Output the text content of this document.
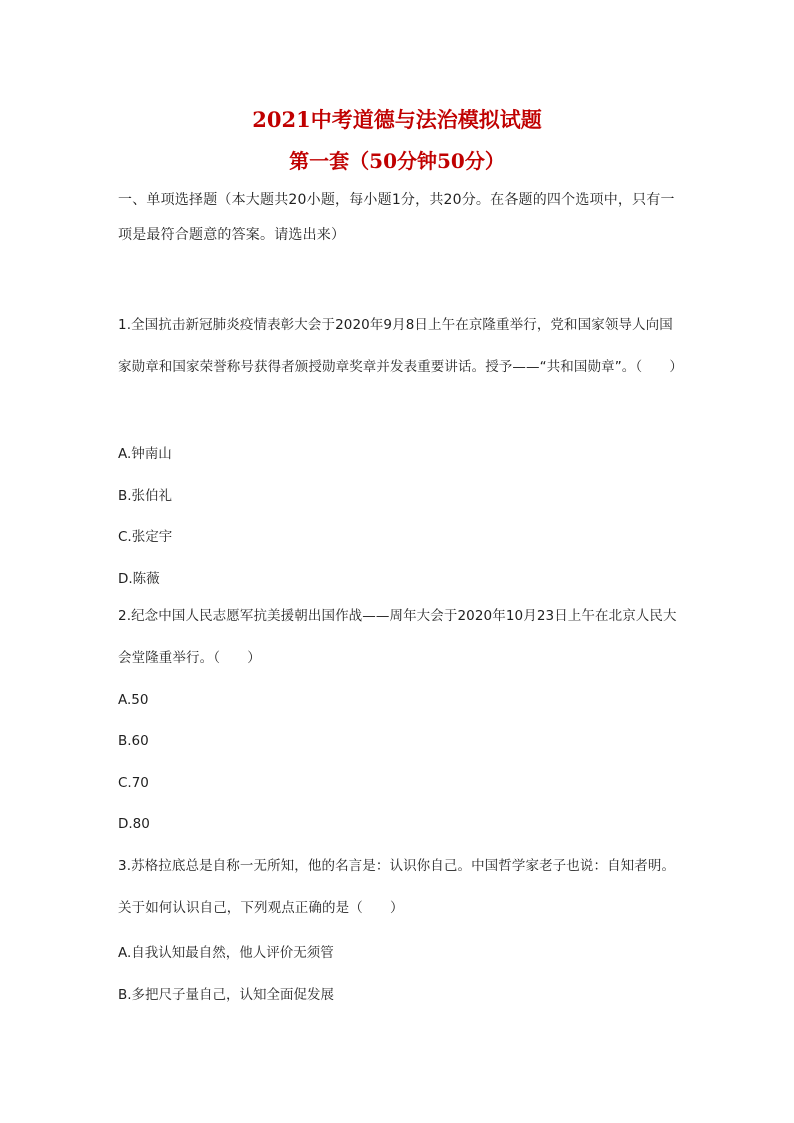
2021中考道德与法治模拟试题
第一套（50分钟50分）
一、单项选择题（本大题共20小题，每小题1分，共20分。在各题的四个选项中，只有一项是最符合题意的答案。请选出来）
1.全国抗击新冠肺炎疫情表彰大会于2020年9月8日上午在京隆重举行，党和国家领导人向国家勋章和国家荣誉称号获得者颁授勋章奖章并发表重要讲话。授予——“共和国勋章”。（　　）
A.钟南山
B.张伯礼
C.张定宇
D.陈薇
2.纪念中国人民志愿军抗美援朝出国作战——周年大会于2020年10月23日上午在北京人民大会堂隆重举行。（　　）
A.50
B.60
C.70
D.80
3.苏格拉底总是自称一无所知，他的名言是：认识你自己。中国哲学家老子也说：自知者明。关于如何认识自己，下列观点正确的是（　　）
A.自我认知最自然，他人评价无须管
B.多把尺子量自己，认知全面促发展
